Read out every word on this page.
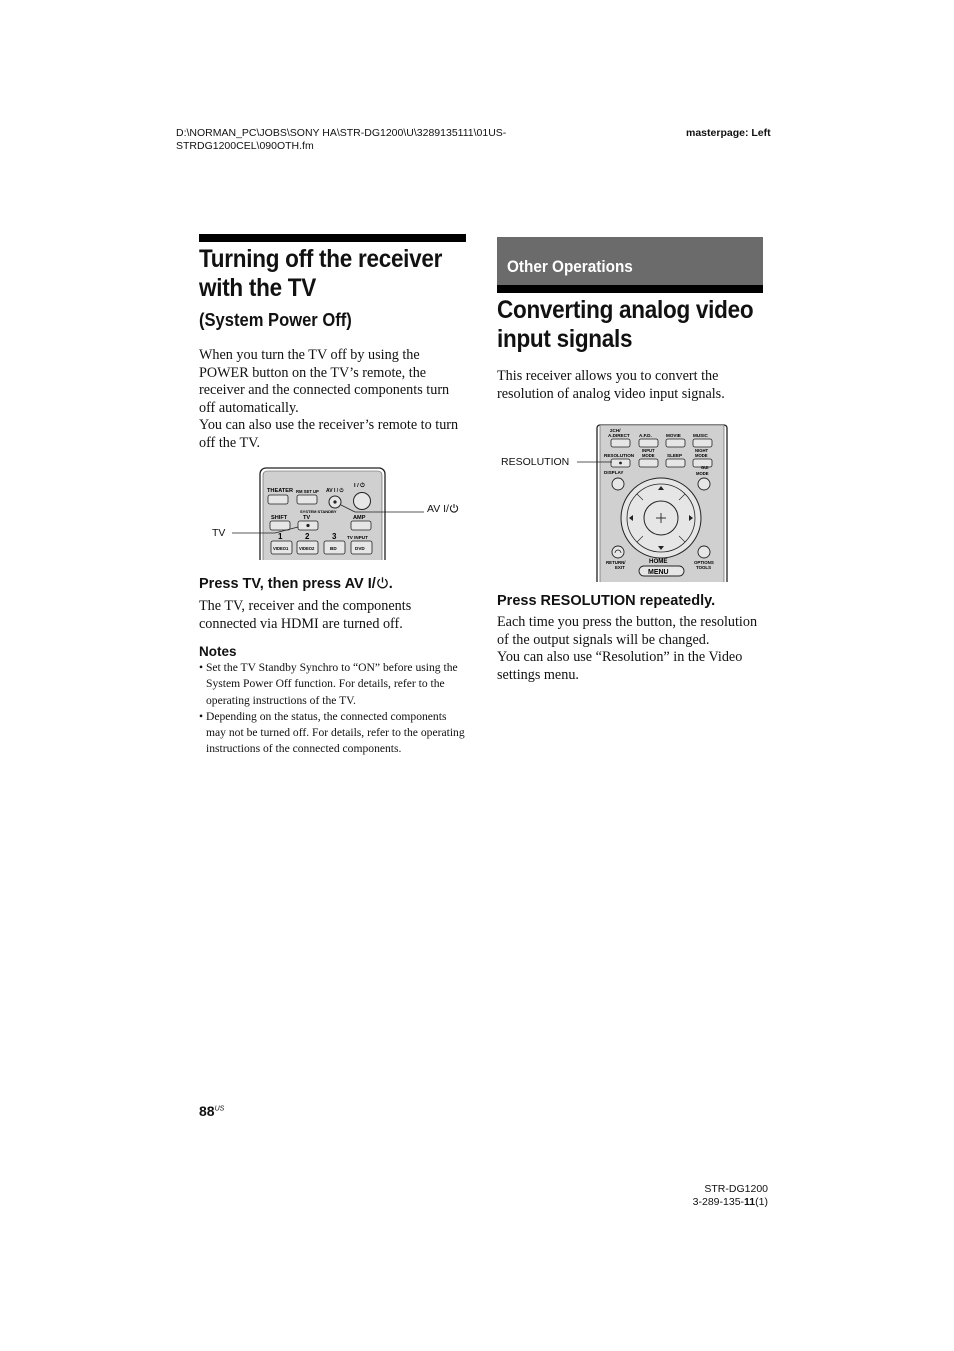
D:\NORMAN_PC\JOBS\SONY HA\STR-DG1200\U\3289135111\01US-
STRDG1200CEL\090OTH.fm
masterpage: Left
Turning off the receiver
with the TV
(System Power Off)
When you turn the TV off by using the POWER button on the TV’s remote, the receiver and the connected components turn off automatically.
You can also use the receiver’s remote to turn off the TV.
THEATER RM SET UP AV I / ⏻
I / ⏻
SYSTEM STANDBY
SHIFT	TV	AMP
1	2	3 TV INPUT
VIDEO1	VIDEO2	BD	DVD
TV
AV I/
Press TV, then press AV I/ .
The TV, receiver and the components connected via HDMI are turned off.
Notes
• Set the TV Standby Synchro to “ON” before using the System Power Off function. For details, refer to the operating instructions of the TV.
• Depending on the status, the connected components may not be turned off. For details, refer to the operating instructions of the connected components.
Other Operations
Converting analog video
input signals
This receiver allows you to convert the resolution of analog video input signals.
2CH/
A.DIRECT A.F.D.	MOVIE	MUSIC
RESOLUTION
INPUT
MODE	SLEEP
NIGHT
MODE
DISPLAY
GUI
MODE
RETURN/
EXIT
HOME	OPTIONS
TOOLS
MENU
RESOLUTION
Press RESOLUTION repeatedly.
Each time you press the button, the resolution of the output signals will be changed.
You can also use “Resolution” in the Video settings menu.
88$^{US}$
STR-DG1200
3-289-135-11(1)
